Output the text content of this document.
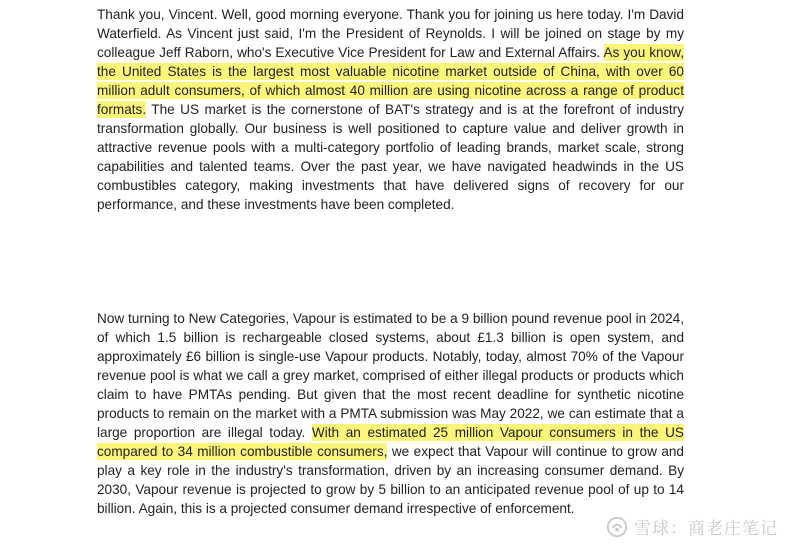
Thank you, Vincent. Well, good morning everyone. Thank you for joining us here today. I'm David Waterfield. As Vincent just said, I'm the President of Reynolds. I will be joined on stage by my colleague Jeff Raborn, who's Executive Vice President for Law and External Affairs. As you know, the United States is the largest most valuable nicotine market outside of China, with over 60 million adult consumers, of which almost 40 million are using nicotine across a range of product formats. The US market is the cornerstone of BAT's strategy and is at the forefront of industry transformation globally. Our business is well positioned to capture value and deliver growth in attractive revenue pools with a multi-category portfolio of leading brands, market scale, strong capabilities and talented teams. Over the past year, we have navigated headwinds in the US combustibles category, making investments that have delivered signs of recovery for our performance, and these investments have been completed.

Now turning to New Categories, Vapour is estimated to be a 9 billion pound revenue pool in 2024, of which 1.5 billion is rechargeable closed systems, about £1.3 billion is open system, and approximately £6 billion is single-use Vapour products. Notably, today, almost 70% of the Vapour revenue pool is what we call a grey market, comprised of either illegal products or products which claim to have PMTAs pending. But given that the most recent deadline for synthetic nicotine products to remain on the market with a PMTA submission was May 2022, we can estimate that a large proportion are illegal today. With an estimated 25 million Vapour consumers in the US compared to 34 million combustible consumers, we expect that Vapour will continue to grow and play a key role in the industry's transformation, driven by an increasing consumer demand. By 2030, Vapour revenue is projected to grow by 5 billion to an anticipated revenue pool of up to 14 billion. Again, this is a projected consumer demand irrespective of enforcement.

雪球：商老庄笔记
